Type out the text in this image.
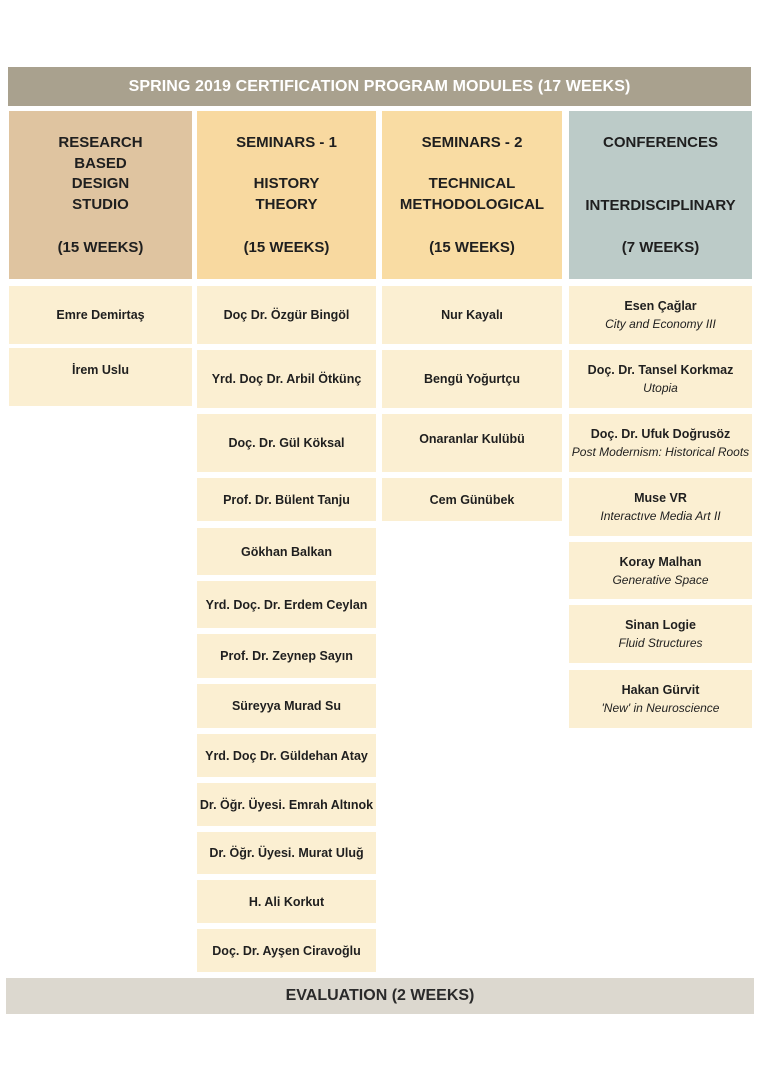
SPRING 2019 CERTIFICATION PROGRAM MODULES (17 WEEKS)
RESEARCH
BASED
DESIGN
STUDIO
(15 WEEKS)
Emre Demirtaş
İrem Uslu
SEMINARS - 1
HISTORY
THEORY
(15 WEEKS)
Doç Dr. Özgür Bingöl
Yrd. Doç Dr. Arbil Ötkünç
Doç. Dr. Gül Köksal
Prof. Dr. Bülent Tanju
Gökhan Balkan
Yrd. Doç. Dr. Erdem Ceylan
Prof. Dr. Zeynep Sayın
Süreyya Murad Su
Yrd. Doç Dr. Güldehan Atay
Dr. Öğr. Üyesi. Emrah Altınok
Dr. Öğr. Üyesi. Murat Uluğ
H. Ali Korkut
Doç. Dr. Ayşen Ciravoğlu
SEMINARS - 2
TECHNICAL
METHODOLOGICAL
(15 WEEKS)
Nur Kayalı
Bengü Yoğurtçu
Onaranlar Kulübü
Cem Günübek
CONFERENCES
INTERDISCIPLINARY
(7 WEEKS)
Esen Çağlar
City and Economy III
Doç. Dr. Tansel Korkmaz
Utopia
Doç. Dr. Ufuk Doğrusöz
Post Modernism: Historical Roots
Muse VR
Interactıve Media Art II
Koray Malhan
Generative Space
Sinan Logie
Fluid Structures
Hakan Gürvit
'New' in Neuroscience
EVALUATION (2 WEEKS)
